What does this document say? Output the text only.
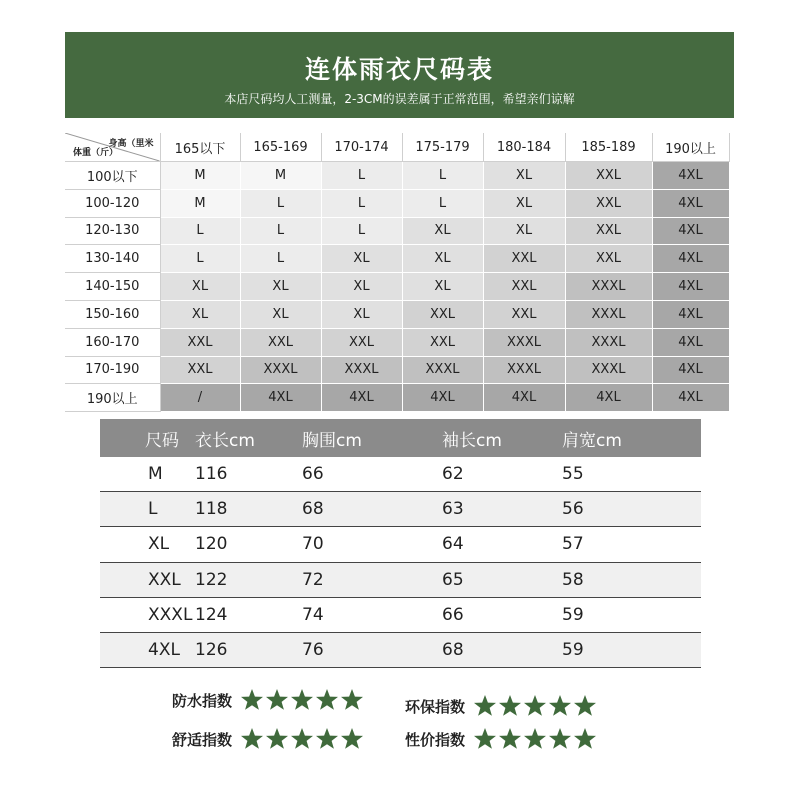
连体雨衣尺码表
本店尺码均人工测量，2-3CM的误差属于正常范围，希望亲们谅解
身高（里米
体重（斤）	165以下	165-169	170-174	175-179	180-184	185-189	190以上
100以下	M	M	L	L	XL	XXL	4XL
100-120	M	L	L	L	XL	XXL	4XL
120-130	L	L	L	XL	XL	XXL	4XL
130-140	L	L	XL	XL	XXL	XXL	4XL
140-150	XL	XL	XL	XL	XXL	XXXL	4XL
150-160	XL	XL	XL	XXL	XXL	XXXL	4XL
160-170	XXL	XXL	XXL	XXL	XXXL	XXXL	4XL
170-190	XXL	XXXL	XXXL	XXXL	XXXL	XXXL	4XL
190以上	/	4XL	4XL	4XL	4XL	4XL	4XL
尺码	衣长cm	胸围cm	袖长cm	肩宽cm
M	116	66	62	55
L	118	68	63	56
XL	120	70	64	57
XXL	122	72	65	58
XXXL	124	74	66	59
4XL	126	76	68	59
防水指数	环保指数
舒适指数	性价指数
